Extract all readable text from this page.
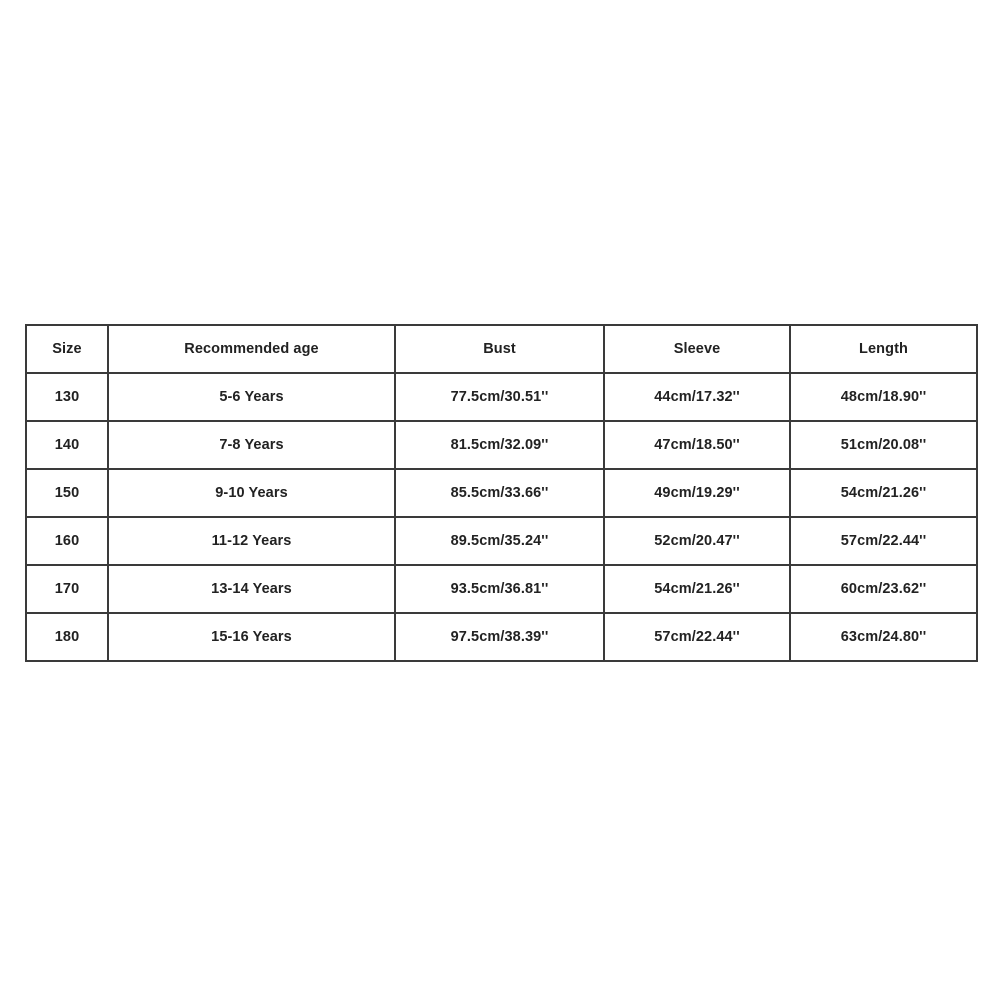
Size	Recommended age	Bust	Sleeve	Length
130	5-6 Years	77.5cm/30.51''	44cm/17.32''	48cm/18.90''
140	7-8 Years	81.5cm/32.09''	47cm/18.50''	51cm/20.08''
150	9-10 Years	85.5cm/33.66''	49cm/19.29''	54cm/21.26''
160	11-12 Years	89.5cm/35.24''	52cm/20.47''	57cm/22.44''
170	13-14 Years	93.5cm/36.81''	54cm/21.26''	60cm/23.62''
180	15-16 Years	97.5cm/38.39''	57cm/22.44''	63cm/24.80''
